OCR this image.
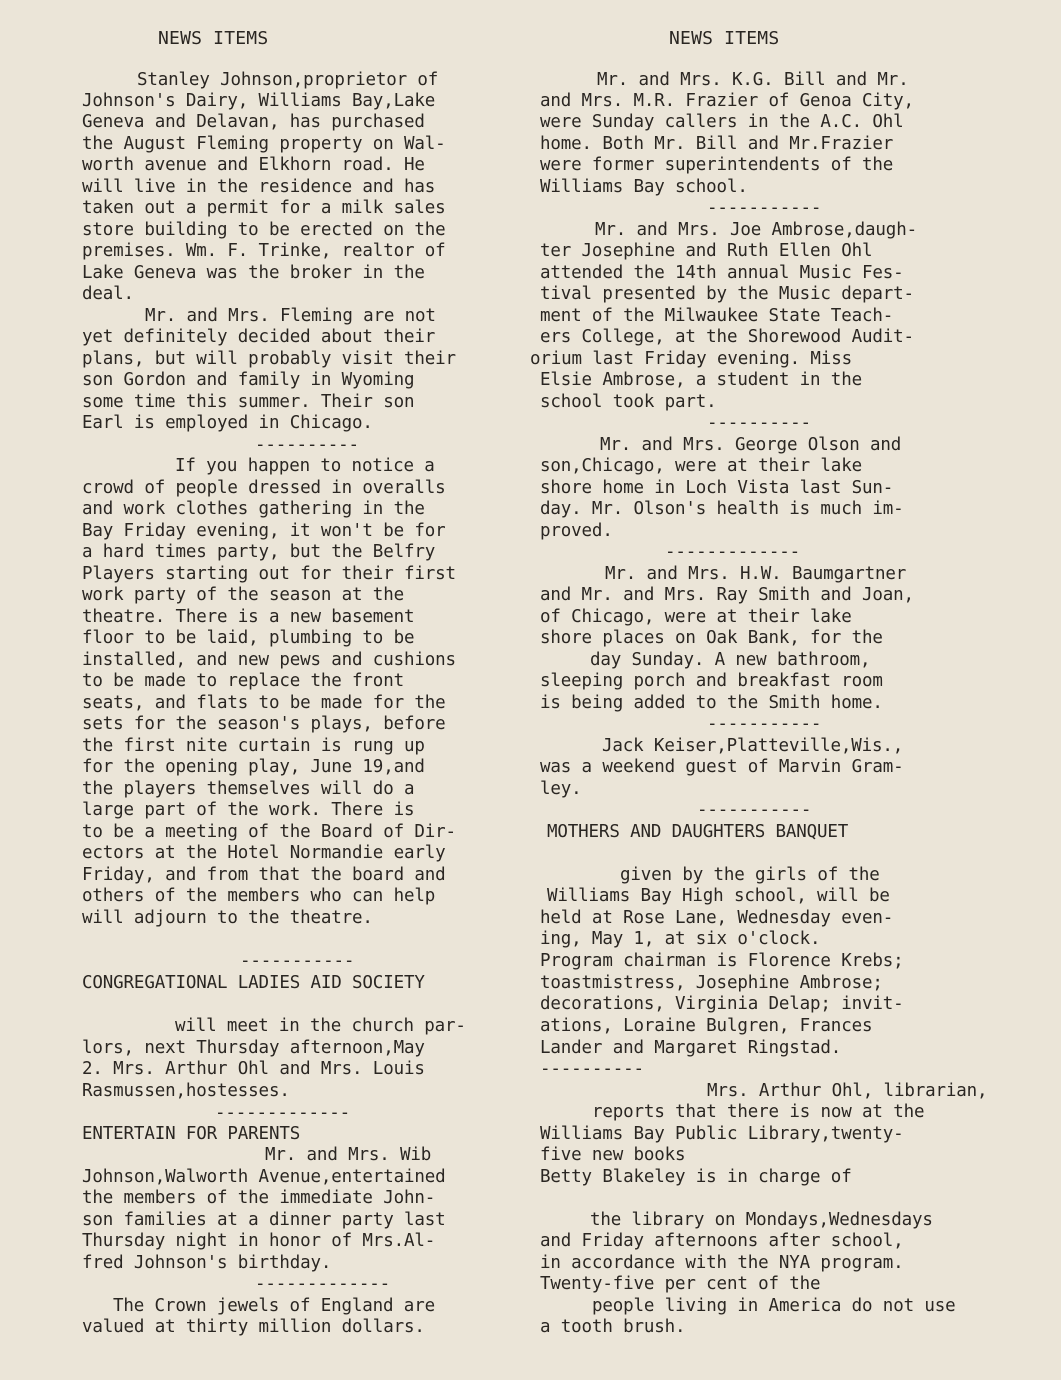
NEWS ITEMS
Stanley Johnson,proprietor of
Johnson's Dairy, Williams Bay,Lake
Geneva and Delavan, has purchased
the August Fleming property on Wal-
worth avenue and Elkhorn road. He
will live in the residence and has
taken out a permit for a milk sales
store building to be erected on the
premises. Wm. F. Trinke, realtor of
Lake Geneva was the broker in the
deal.
Mr. and Mrs. Fleming are not
yet definitely decided about their
plans, but will probably visit their
son Gordon and family in Wyoming
some time this summer. Their son
Earl is employed in Chicago.
----------
If you happen to notice a
crowd of people dressed in overalls
and work clothes gathering in the
Bay Friday evening, it won't be for
a hard times party, but the Belfry
Players starting out for their first
work party of the season at the
theatre. There is a new basement
floor to be laid, plumbing to be
installed, and new pews and cushions
to be made to replace the front
seats, and flats to be made for the
sets for the season's plays, before
the first nite curtain is rung up
for the opening play, June 19,and
the players themselves will do a
large part of the work. There is
to be a meeting of the Board of Dir-
ectors at the Hotel Normandie early
Friday, and from that the board and
others of the members who can help
will adjourn to the theatre.
-----------
CONGREGATIONAL LADIES AID SOCIETY
will meet in the church par-
lors, next Thursday afternoon,May
2. Mrs. Arthur Ohl and Mrs. Louis
Rasmussen,hostesses.
-------------
ENTERTAIN FOR PARENTS
Mr. and Mrs. Wib
Johnson,Walworth Avenue,entertained
the members of the immediate John-
son families at a dinner party last
Thursday night in honor of Mrs.Al-
fred Johnson's birthday.
-------------
The Crown jewels of England are
valued at thirty million dollars.
NEWS ITEMS
Mr. and Mrs. K.G. Bill and Mr.
and Mrs. M.R. Frazier of Genoa City,
were Sunday callers in the A.C. Ohl
home. Both Mr. Bill and Mr.Frazier
were former superintendents of the
Williams Bay school.
-----------
Mr. and Mrs. Joe Ambrose,daugh-
ter Josephine and Ruth Ellen Ohl
attended the 14th annual Music Fes-
tival presented by the Music depart-
ment of the Milwaukee State Teach-
ers College, at the Shorewood Audit-
orium last Friday evening. Miss
Elsie Ambrose, a student in the
school took part.
----------
Mr. and Mrs. George Olson and
son,Chicago, were at their lake
shore home in Loch Vista last Sun-
day. Mr. Olson's health is much im-
proved.
-------------
Mr. and Mrs. H.W. Baumgartner
and Mr. and Mrs. Ray Smith and Joan,
of Chicago, were at their lake
shore places on Oak Bank, for the
day Sunday. A new bathroom,
sleeping porch and breakfast room
is being added to the Smith home.
-----------
Jack Keiser,Platteville,Wis.,
was a weekend guest of Marvin Gram-
ley.
-----------
MOTHERS AND DAUGHTERS BANQUET
given by the girls of the
Williams Bay High school, will be
held at Rose Lane, Wednesday even-
ing, May 1, at six o'clock.
Program chairman is Florence Krebs;
toastmistress, Josephine Ambrose;
decorations, Virginia Delap; invit-
ations, Loraine Bulgren, Frances
Lander and Margaret Ringstad.
----------
Mrs. Arthur Ohl, librarian,
reports that there is now at the
Williams Bay Public Library,twenty-
five new books
Betty Blakeley is in charge of
the library on Mondays,Wednesdays
and Friday afternoons after school,
in accordance with the NYA program.
Twenty-five per cent of the
people living in America do not use
a tooth brush.
